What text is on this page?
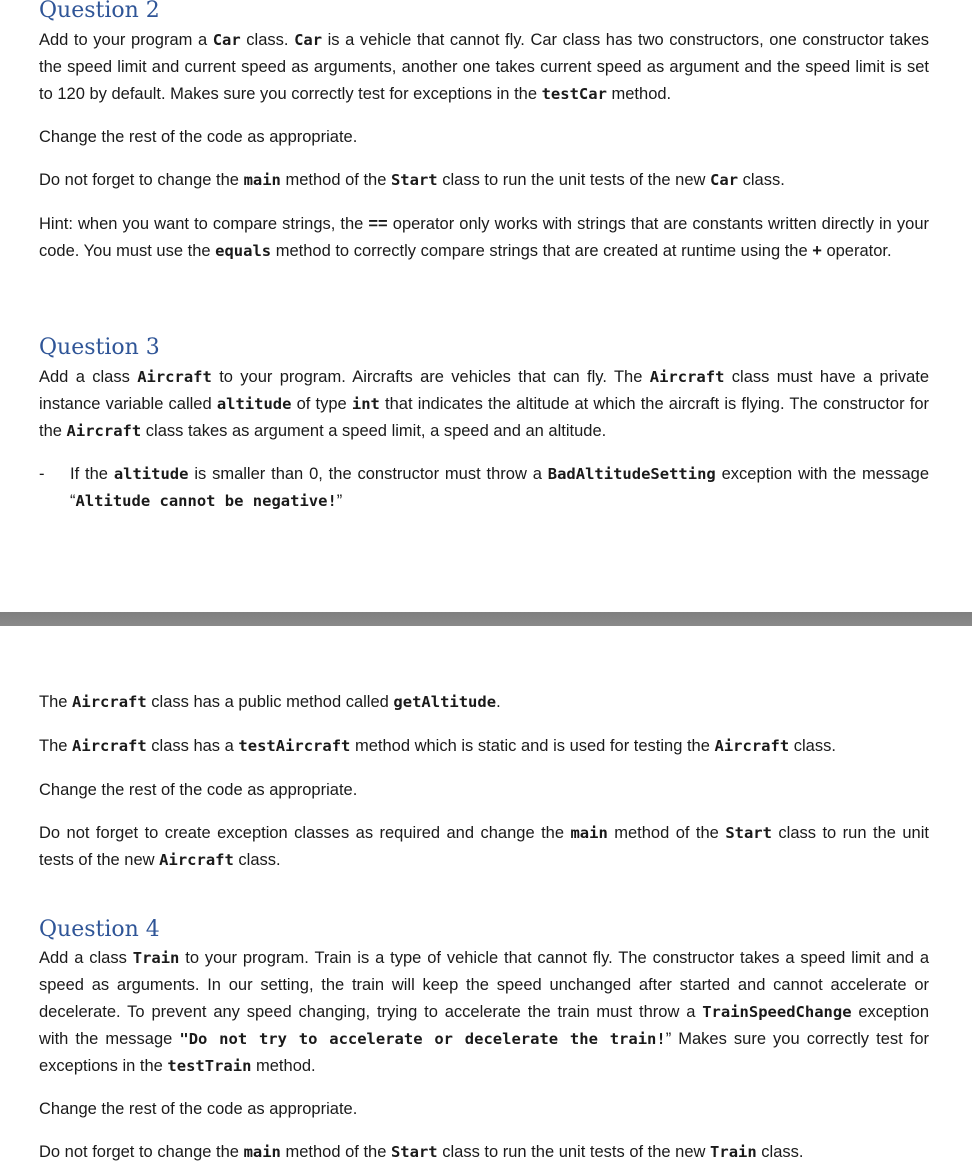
Question 2

Add to your program a Car class. Car is a vehicle that cannot fly. Car class has two constructors, one constructor takes the speed limit and current speed as arguments, another one takes current speed as argument and the speed limit is set to 120 by default. Makes sure you correctly test for exceptions in the testCar method.

Change the rest of the code as appropriate.

Do not forget to change the main method of the Start class to run the unit tests of the new Car class.

Hint: when you want to compare strings, the == operator only works with strings that are constants written directly in your code. You must use the equals method to correctly compare strings that are created at runtime using the + operator.

Question 3

Add a class Aircraft to your program. Aircrafts are vehicles that can fly. The Aircraft class must have a private instance variable called altitude of type int that indicates the altitude at which the aircraft is flying. The constructor for the Aircraft class takes as argument a speed limit, a speed and an altitude.

- If the altitude is smaller than 0, the constructor must throw a BadAltitudeSetting exception with the message “Altitude cannot be negative!”

The Aircraft class has a public method called getAltitude.

The Aircraft class has a testAircraft method which is static and is used for testing the Aircraft class.

Change the rest of the code as appropriate.

Do not forget to create exception classes as required and change the main method of the Start class to run the unit tests of the new Aircraft class.

Question 4

Add a class Train to your program. Train is a type of vehicle that cannot fly. The constructor takes a speed limit and a speed as arguments. In our setting, the train will keep the speed unchanged after started and cannot accelerate or decelerate. To prevent any speed changing, trying to accelerate the train must throw a TrainSpeedChange exception with the message "Do not try to accelerate or decelerate the train!” Makes sure you correctly test for exceptions in the testTrain method.

Change the rest of the code as appropriate.

Do not forget to change the main method of the Start class to run the unit tests of the new Train class.
